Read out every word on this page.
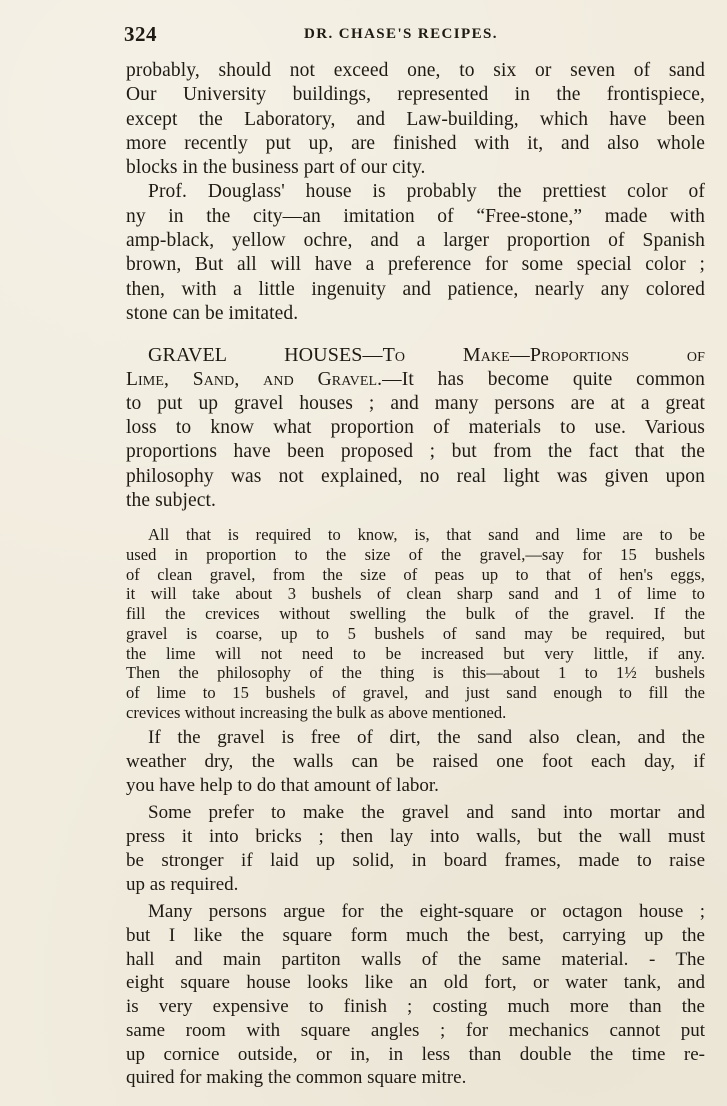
324	DR. CHASE'S RECIPES.
probably, should not exceed one, to six or seven of sand
Our University buildings, represented in the frontispiece,
except the Laboratory, and Law-building, which have been
more recently put up, are finished with it, and also whole
blocks in the business part of our city.
Prof. Douglass' house is probably the prettiest color of
ny in the city—an imitation of “Free-stone,” made with
amp-black, yellow ochre, and a larger proportion of Spanish
brown, But all will have a preference for some special color ;
then, with a little ingenuity and patience, nearly any colored
stone can be imitated.
GRAVEL HOUSES—To Make—Proportions of
Lime, Sand, and Gravel.—It has become quite common
to put up gravel houses ; and many persons are at a great
loss to know what proportion of materials to use. Various
proportions have been proposed ; but from the fact that the
philosophy was not explained, no real light was given upon
the subject.
All that is required to know, is, that sand and lime are to be
used in proportion to the size of the gravel,—say for 15 bushels
of clean gravel, from the size of peas up to that of hen's eggs,
it will take about 3 bushels of clean sharp sand and 1 of lime to
fill the crevices without swelling the bulk of the gravel. If the
gravel is coarse, up to 5 bushels of sand may be required, but
the lime will not need to be increased but very little, if any.
Then the philosophy of the thing is this—about 1 to 1½ bushels
of lime to 15 bushels of gravel, and just sand enough to fill the
crevices without increasing the bulk as above mentioned.
If the gravel is free of dirt, the sand also clean, and the
weather dry, the walls can be raised one foot each day, if
you have help to do that amount of labor.
Some prefer to make the gravel and sand into mortar and
press it into bricks ; then lay into walls, but the wall must
be stronger if laid up solid, in board frames, made to raise
up as required.
Many persons argue for the eight-square or octagon house ;
but I like the square form much the best, carrying up the
hall and main partiton walls of the same material. - The
eight square house looks like an old fort, or water tank, and
is very expensive to finish ; costing much more than the
same room with square angles ; for mechanics cannot put
up cornice outside, or in, in less than double the time re-
quired for making the common square mitre.
